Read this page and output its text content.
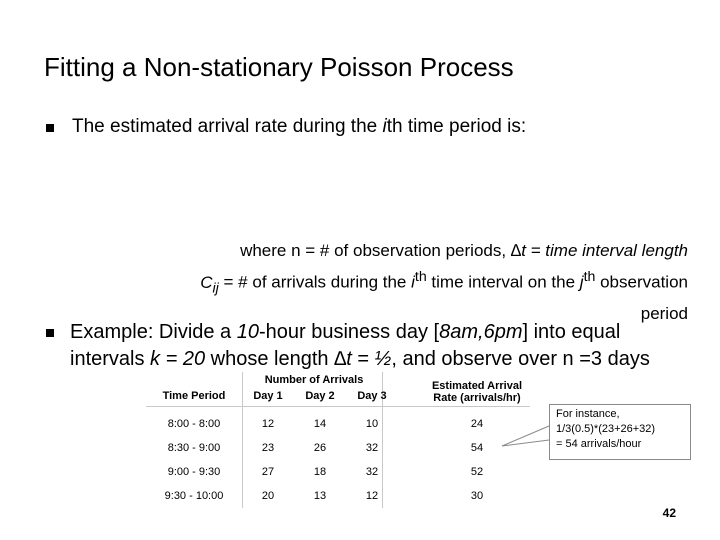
Fitting a Non-stationary Poisson Process
The estimated arrival rate during the ith time period is:
where n = # of observation periods, ∆t = time interval length
$C_{ij}$ = # of arrivals during the $i^{th}$ time interval on the $j^{th}$ observation
period
Example: Divide a 10-hour business day [8am,6pm] into equal intervals k = 20 whose length ∆t = ½, and observe over n =3 days
Number of Arrivals
Time Period	Day 1	Day 2	Day 3
Estimated Arrival Rate (arrivals/hr)
8:00 - 8:00	12	14	10	24
8:30 - 9:00	23	26	32	54
9:00 - 9:30	27	18	32	52
9:30 - 10:00	20	13	12	30
For instance,
1/3(0.5)*(23+26+32)
= 54 arrivals/hour
42
